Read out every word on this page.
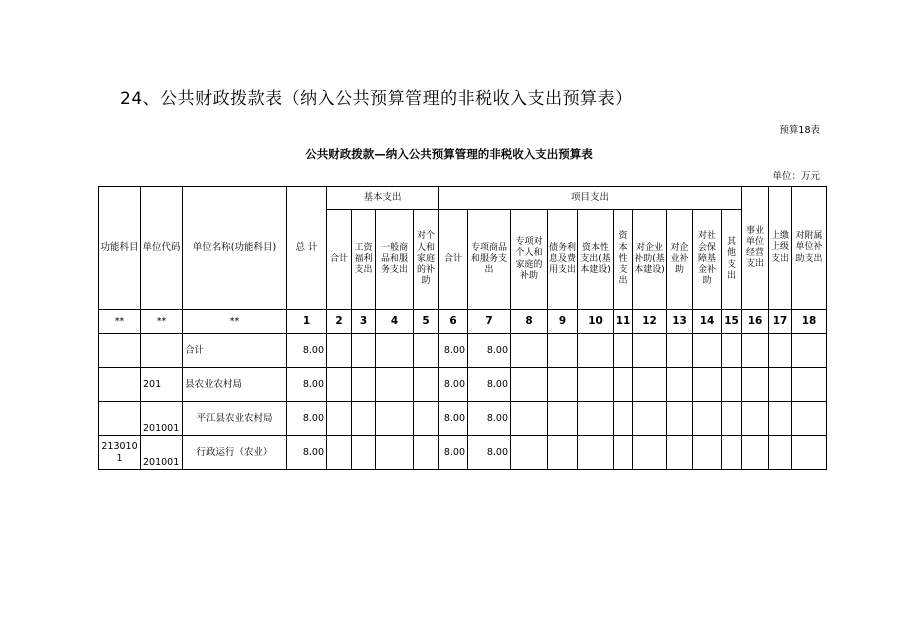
24、公共财政拨款表（纳入公共预算管理的非税收入支出预算表）
预算18表
公共财政拨款—纳入公共预算管理的非税收入支出预算表
单位：万元
功能科目	单位代码	单位名称(功能科目)	总 计	基本支出				项目支出										事业单位经营支出	上缴上级支出	对附属单位补助支出
				合计	工资福利支出	一般商品和服务支出	对个人和家庭的补助	合计	专项商品和服务支出	专项对个人和家庭的补助	债务利息及费用支出	资本性支出(基本建设)	资本性支出	对企业补助(基本建设)	对企业补助	对社会保障基金补助	其他支出			
**	**	**	1	2	3	4	5	6	7	8	9	10	11	12	13	14	15	16	17	18
		合计	8.00					8.00	8.00											
	201	县农业农村局	8.00					8.00	8.00											
	201001	平江县农业农村局	8.00					8.00	8.00											
2130101	201001	行政运行（农业）	8.00					8.00	8.00											
